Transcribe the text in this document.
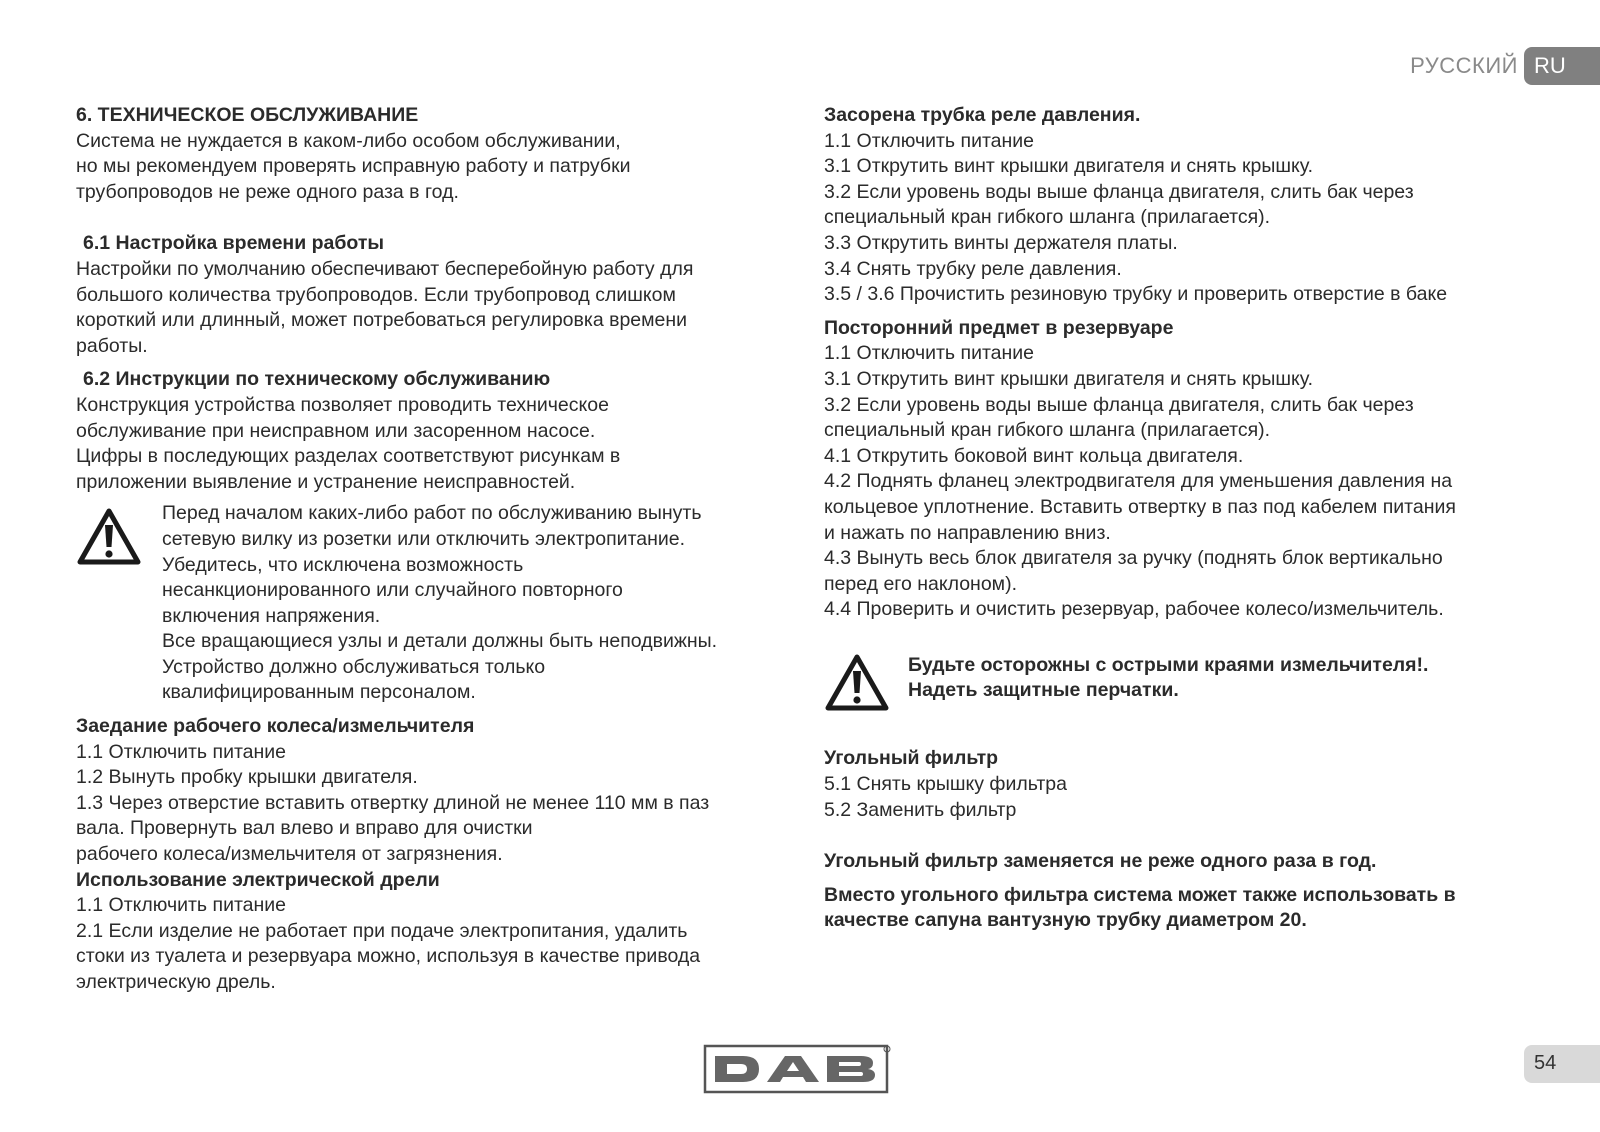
РУССКИЙ RU

6. ТЕХНИЧЕСКОЕ ОБСЛУЖИВАНИЕ

Система не нуждается в каком-либо особом обслуживании,

но мы рекомендуем проверять исправную работу и патрубки

трубопроводов не реже одного раза в год.

6.1 Настройка времени работы

Настройки по умолчанию обеспечивают бесперебойную работу для

большого количества трубопроводов. Если трубопровод слишком

короткий или длинный, может потребоваться регулировка времени

работы.

6.2 Инструкции по техническому обслуживанию

Конструкция устройства позволяет проводить техническое

обслуживание при неисправном или засоренном насосе.

Цифры в последующих разделах соответствуют рисункам в

приложении выявление и устранение неисправностей.

Перед началом каких-либо работ по обслуживанию вынуть

сетевую вилку из розетки или отключить электропитание.

Убедитесь, что исключена возможность

несанкционированного или случайного повторного

включения напряжения.

Все вращающиеся узлы и детали должны быть неподвижны.

Устройство должно обслуживаться только

квалифицированным персоналом.

Заедание рабочего колеса/измельчителя

1.1 Отключить питание

1.2 Вынуть пробку крышки двигателя.

1.3 Через отверстие вставить отвертку длиной не менее 110 мм в паз

вала. Провернуть вал влево и вправо для очистки

рабочего колеса/измельчителя от загрязнения.

Использование электрической дрели

1.1 Отключить питание

2.1 Если изделие не работает при подаче электропитания, удалить

стоки из туалета и резервуара можно, используя в качестве привода

электрическую дрель.

Засорена трубка реле давления.

1.1 Отключить питание

3.1 Открутить винт крышки двигателя и снять крышку.

3.2 Если уровень воды выше фланца двигателя, слить бак через

специальный кран гибкого шланга (прилагается).

3.3 Открутить винты держателя платы.

3.4 Снять трубку реле давления.

3.5 / 3.6 Прочистить резиновую трубку и проверить отверстие в баке

Посторонний предмет в резервуаре

1.1 Отключить питание

3.1 Открутить винт крышки двигателя и снять крышку.

3.2 Если уровень воды выше фланца двигателя, слить бак через

специальный кран гибкого шланга (прилагается).

4.1 Открутить боковой винт кольца двигателя.

4.2 Поднять фланец электродвигателя для уменьшения давления на

кольцевое уплотнение. Вставить отвертку в паз под кабелем питания

и нажать по направлению вниз.

4.3 Вынуть весь блок двигателя за ручку (поднять блок вертикально

перед его наклоном).

4.4 Проверить и очистить резервуар, рабочее колесо/измельчитель.

Будьте осторожны с острыми краями измельчителя!.

Надеть защитные перчатки.

Угольный фильтр

5.1 Снять крышку фильтра

5.2 Заменить фильтр

Угольный фильтр заменяется не реже одного раза в год.

Вместо угольного фильтра система может также использовать в

качестве сапуна вантузную трубку диаметром 20.

54
